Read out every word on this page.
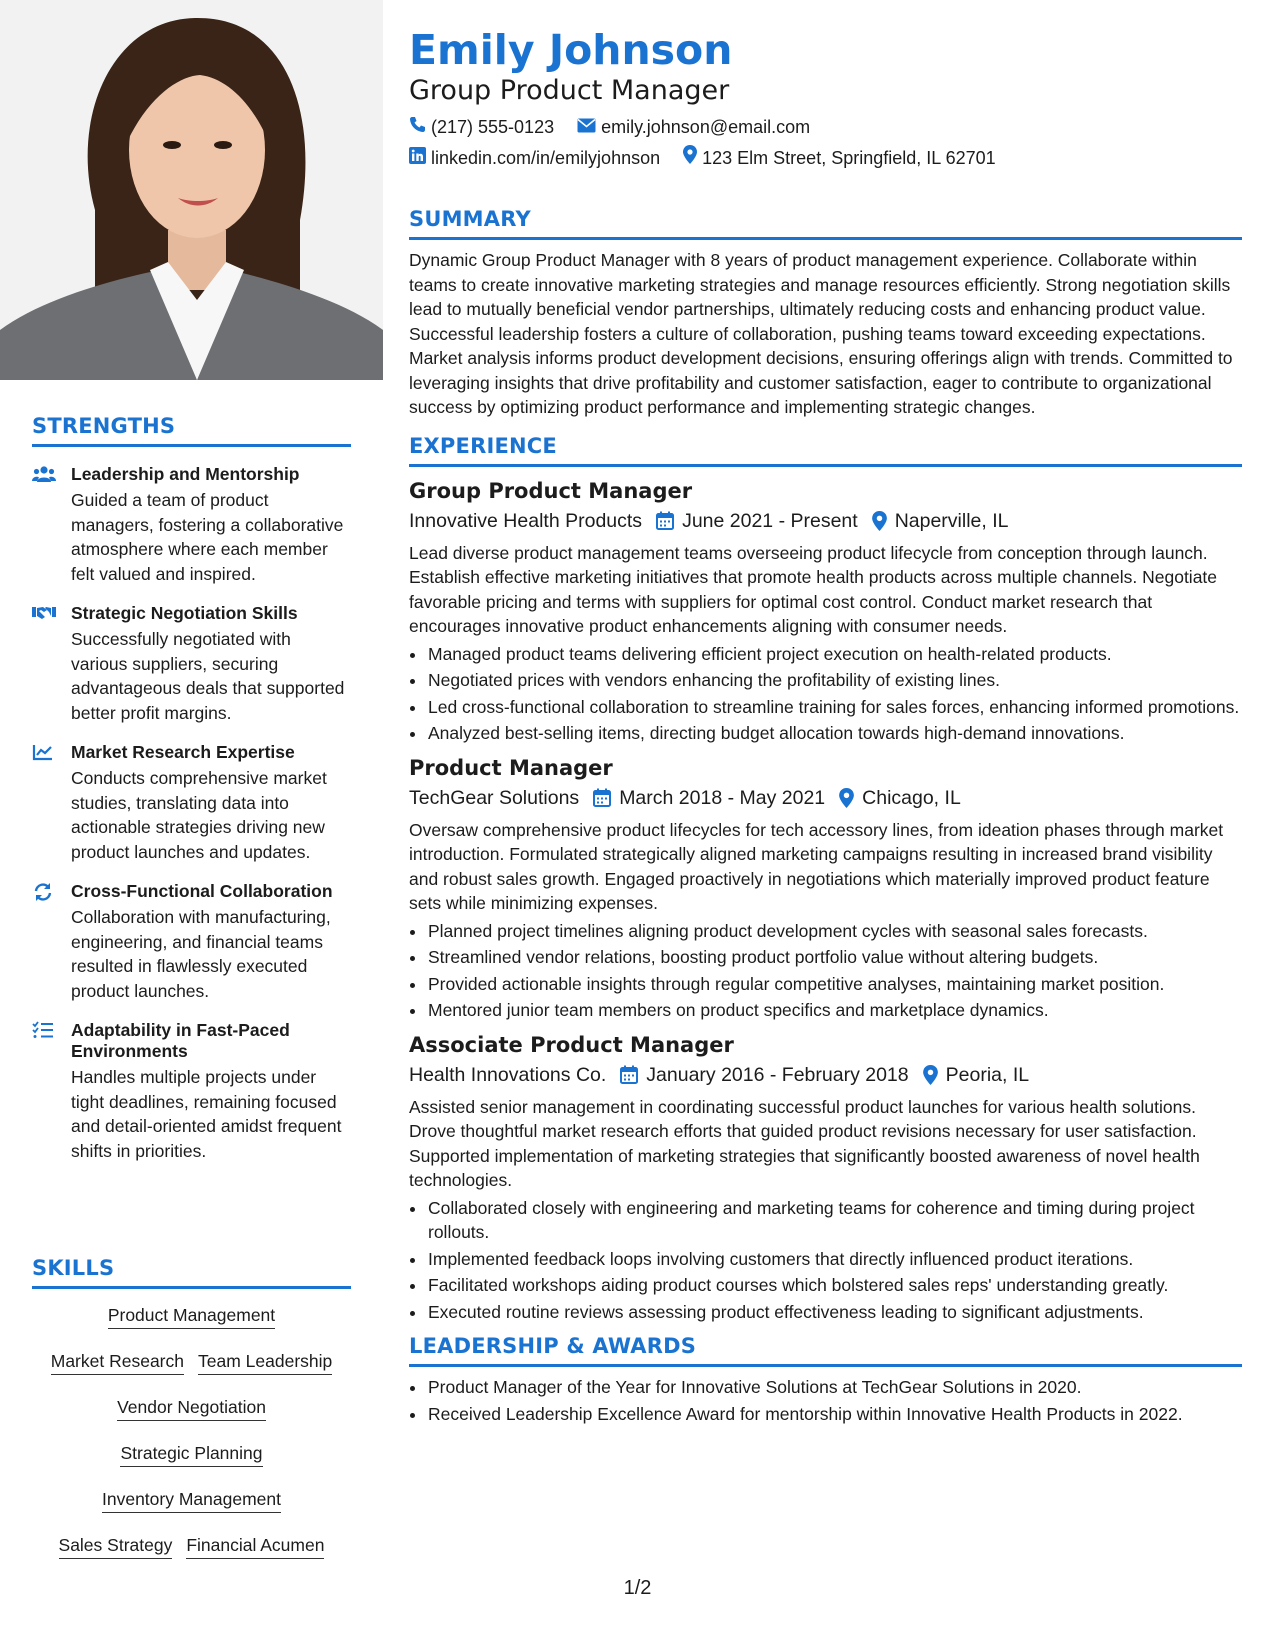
STRENGTHS
Leadership and Mentorship
Guided a team of product managers, fostering a collaborative atmosphere where each member felt valued and inspired.
Strategic Negotiation Skills
Successfully negotiated with various suppliers, securing advantageous deals that supported better profit margins.
Market Research Expertise
Conducts comprehensive market studies, translating data into actionable strategies driving new product launches and updates.
Cross-Functional Collaboration
Collaboration with manufacturing, engineering, and financial teams resulted in flawlessly executed product launches.
Adaptability in Fast-Paced Environments
Handles multiple projects under tight deadlines, remaining focused and detail-oriented amidst frequent shifts in priorities.
SKILLS
Product Management
Market Research Team Leadership
Vendor Negotiation
Strategic Planning
Inventory Management
Sales Strategy Financial Acumen
Emily Johnson
Group Product Manager
(217) 555-0123
	emily.johnson@email.com
linkedin.com/in/emilyjohnson
123 Elm Street, Springfield, IL 62701
SUMMARY
Dynamic Group Product Manager with 8 years of product management experience. Collaborate within teams to create innovative marketing strategies and manage resources efficiently. Strong negotiation skills lead to mutually beneficial vendor partnerships, ultimately reducing costs and enhancing product value. Successful leadership fosters a culture of collaboration, pushing teams toward exceeding expectations. Market analysis informs product development decisions, ensuring offerings align with trends. Committed to leveraging insights that drive profitability and customer satisfaction, eager to contribute to organizational success by optimizing product performance and implementing strategic changes.
EXPERIENCE
Group Product Manager
Innovative Health Products June 2021 - Present Naperville, IL
Lead diverse product management teams overseeing product lifecycle from conception through launch. Establish effective marketing initiatives that promote health products across multiple channels. Negotiate favorable pricing and terms with suppliers for optimal cost control. Conduct market research that encourages innovative product enhancements aligning with consumer needs.
• Managed product teams delivering efficient project execution on health-related products.
• Negotiated prices with vendors enhancing the profitability of existing lines.
• Led cross-functional collaboration to streamline training for sales forces, enhancing informed promotions.
• Analyzed best-selling items, directing budget allocation towards high-demand innovations.
Product Manager
TechGear Solutions March 2018 - May 2021 Chicago, IL
Oversaw comprehensive product lifecycles for tech accessory lines, from ideation phases through market introduction. Formulated strategically aligned marketing campaigns resulting in increased brand visibility and robust sales growth. Engaged proactively in negotiations which materially improved product feature sets while minimizing expenses.
• Planned project timelines aligning product development cycles with seasonal sales forecasts.
• Streamlined vendor relations, boosting product portfolio value without altering budgets.
• Provided actionable insights through regular competitive analyses, maintaining market position.
• Mentored junior team members on product specifics and marketplace dynamics.
Associate Product Manager
Health Innovations Co. January 2016 - February 2018 Peoria, IL
Assisted senior management in coordinating successful product launches for various health solutions. Drove thoughtful market research efforts that guided product revisions necessary for user satisfaction. Supported implementation of marketing strategies that significantly boosted awareness of novel health technologies.
• Collaborated closely with engineering and marketing teams for coherence and timing during project rollouts.
• Implemented feedback loops involving customers that directly influenced product iterations.
• Facilitated workshops aiding product courses which bolstered sales reps' understanding greatly.
• Executed routine reviews assessing product effectiveness leading to significant adjustments.
LEADERSHIP & AWARDS
• Product Manager of the Year for Innovative Solutions at TechGear Solutions in 2020.
• Received Leadership Excellence Award for mentorship within Innovative Health Products in 2022.
1/2
